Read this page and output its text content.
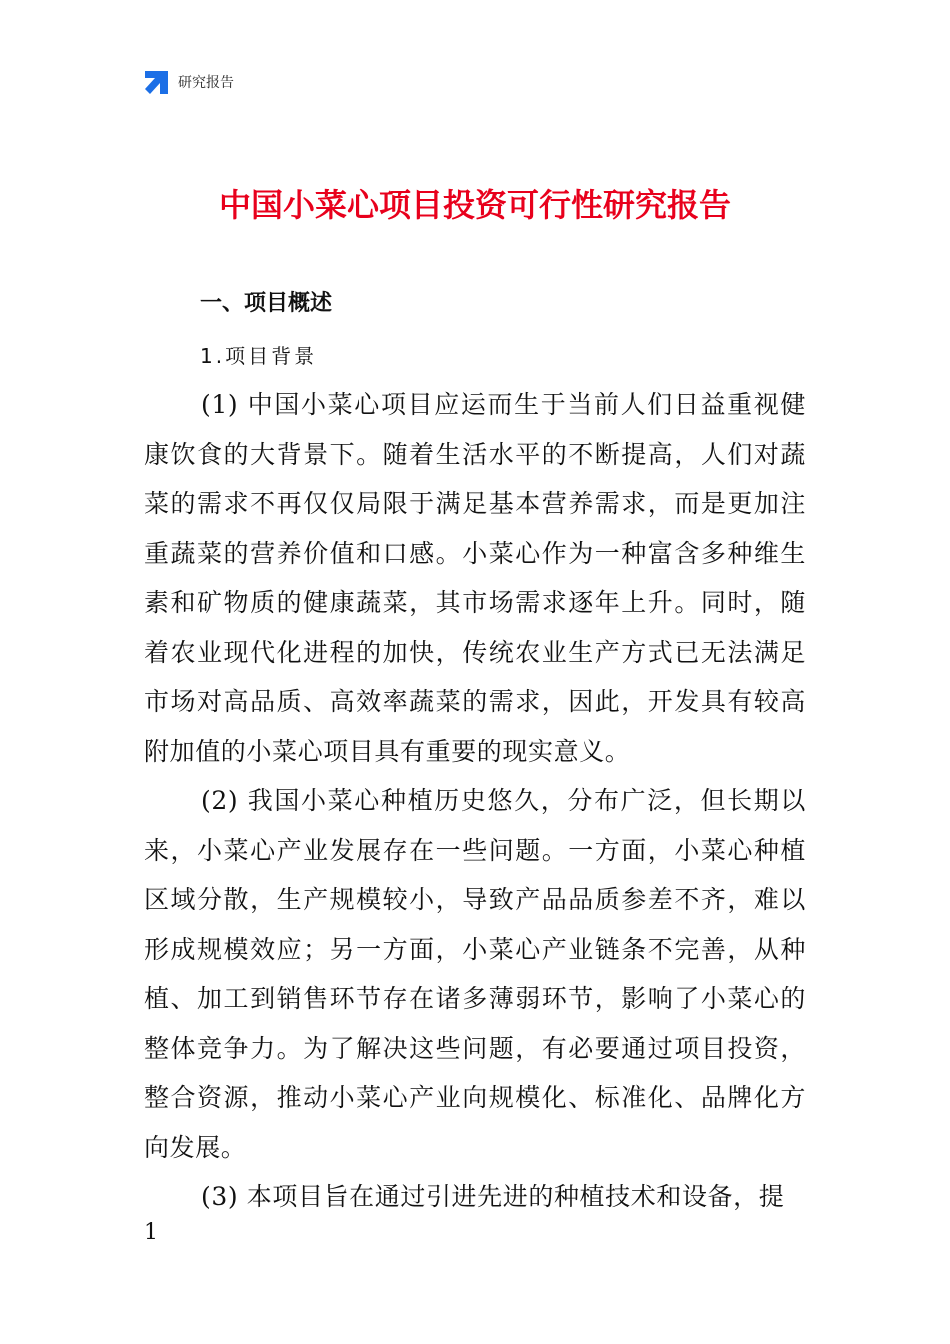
研究报告
中国小菜心项目投资可行性研究报告
一、项目概述
1.项目背景

(1) 中国小菜心项目应运而生于当前人们日益重视健康饮食的大背景下。随着生活水平的不断提高，人们对蔬菜的需求不再仅仅局限于满足基本营养需求，而是更加注重蔬菜的营养价值和口感。小菜心作为一种富含多种维生素和矿物质的健康蔬菜，其市场需求逐年上升。同时，随着农业现代化进程的加快，传统农业生产方式已无法满足市场对高品质、高效率蔬菜的需求，因此，开发具有较高附加值的小菜心项目具有重要的现实意义。

(2) 我国小菜心种植历史悠久，分布广泛，但长期以来，小菜心产业发展存在一些问题。一方面，小菜心种植区域分散，生产规模较小，导致产品品质参差不齐，难以形成规模效应；另一方面，小菜心产业链条不完善，从种植、加工到销售环节存在诸多薄弱环节，影响了小菜心的整体竞争力。为了解决这些问题，有必要通过项目投资，整合资源，推动小菜心产业向规模化、标准化、品牌化方向发展。

(3) 本项目旨在通过引进先进的种植技术和设备，提

1
